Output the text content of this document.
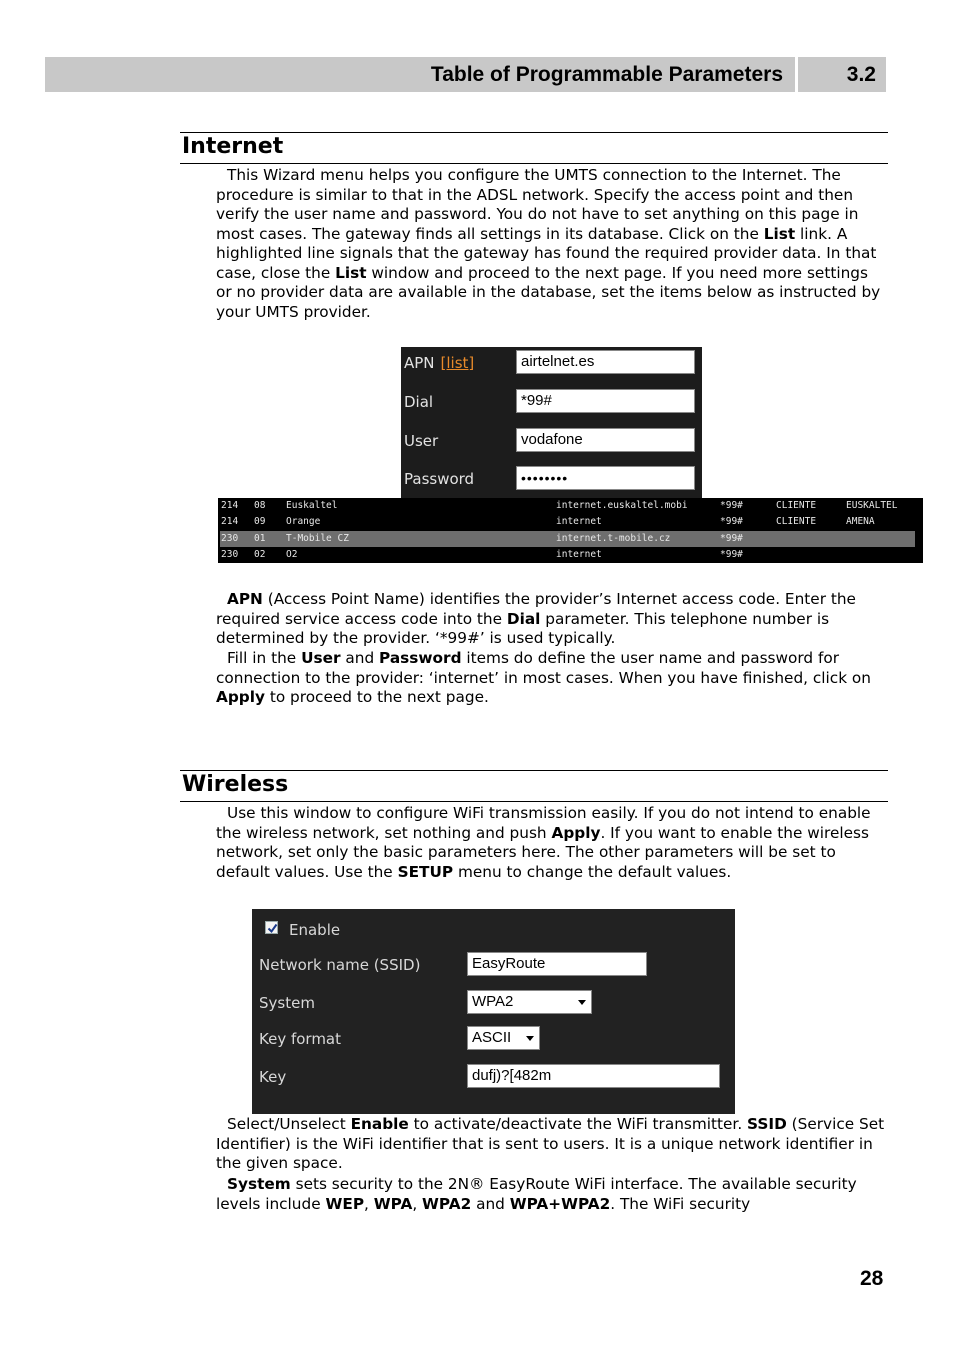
Table of Programmable Parameters	3.2
Internet

This Wizard menu helps you configure the UMTS connection to the Internet. The procedure is similar to that in the ADSL network. Specify the access point and then verify the user name and password. You do not have to set anything on this page in most cases. The gateway finds all settings in its database. Click on the List link. A highlighted line signals that the gateway has found the required provider data. In that case, close the List window and proceed to the next page. If you need more settings or no provider data are available in the database, set the items below as instructed by your UMTS provider.

APN [list]	airtelnet.es
Dial	*99#
User	vodafone
Password	••••••••
214 08 Euskaltel	internet.euskaltel.mobi	*99#	CLIENTE	EUSKALTEL
214 09 Orange	internet	*99#	CLIENTE	AMENA
230 01 T-Mobile CZ	internet.t-mobile.cz	*99#
230 02 O2	internet	*99#

APN (Access Point Name) identifies the provider’s Internet access code. Enter the required service access code into the Dial parameter. This telephone number is determined by the provider. ‘*99#’ is used typically.

Fill in the User and Password items do define the user name and password for connection to the provider: ‘internet’ in most cases. When you have finished, click on Apply to proceed to the next page.

Wireless

Use this window to configure WiFi transmission easily. If you do not intend to enable the wireless network, set nothing and push Apply. If you want to enable the wireless network, set only the basic parameters here. The other parameters will be set to default values. Use the SETUP menu to change the default values.

Enable
Network name (SSID)	EasyRoute
System	WPA2
Key format	ASCII
Key	dufj)?[482m

Select/Unselect Enable to activate/deactivate the WiFi transmitter. SSID (Service Set Identifier) is the WiFi identifier that is sent to users. It is a unique network identifier in the given space.

System sets security to the 2N® EasyRoute WiFi interface. The available security levels include WEP, WPA, WPA2 and WPA+WPA2. The WiFi security

28
